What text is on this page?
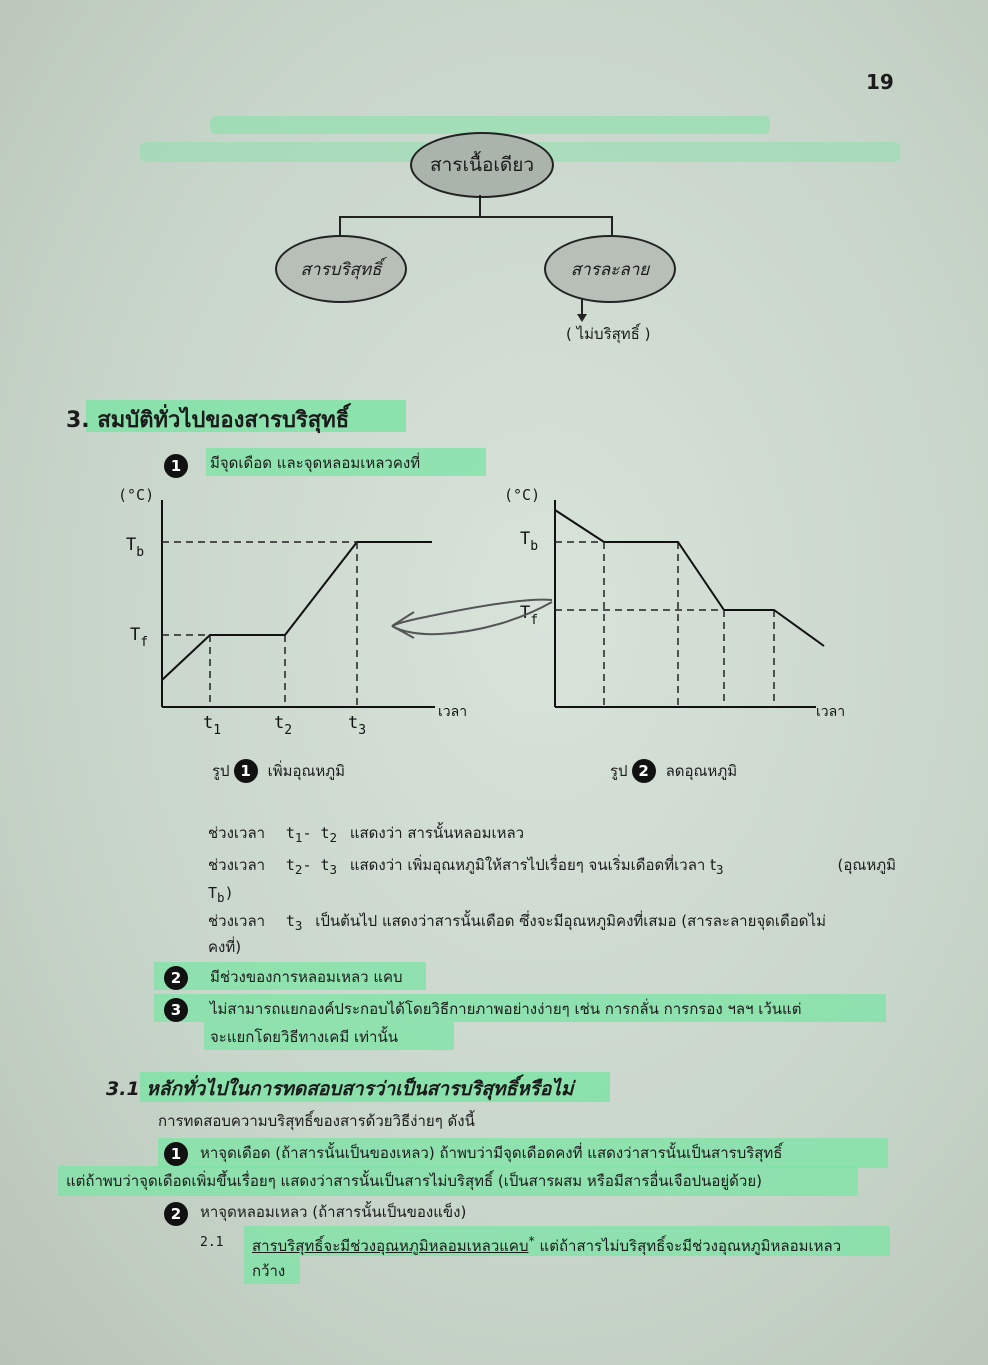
19
สารเนื้อเดียว
สารบริสุทธิ์	สารละลาย
( ไม่บริสุทธิ์ )
3. สมบัติทั่วไปของสารบริสุทธิ์
1	มีจุดเดือด และจุดหลอมเหลวคงที่
(°C)
$T_b$
$T_f$
$t_1$	$t_2$	$t_3$
เวลา
(°C)
$T_b$
$T_f$
เวลา
รูป 1	เพิ่มอุณหภูมิ	รูป 2	ลดอุณหภูมิ
ช่วงเวลา $t_1-$ $t_2$ แสดงว่า สารนั้นหลอมเหลว
ช่วงเวลา $t_2-$ $t_3$ แสดงว่า เพิ่มอุณหภูมิให้สารไปเรื่อยๆ จนเริ่มเดือดที่เวลา $t_3$	(อุณหภูมิ
$T_b$)
ช่วงเวลา $t_3$ เป็นต้นไป แสดงว่าสารนั้นเดือด ซึ่งจะมีอุณหภูมิคงที่เสมอ (สารละลายจุดเดือดไม่
คงที่)
2 มีช่วงของการหลอมเหลว แคบ
3	ไม่สามารถแยกองค์ประกอบได้โดยวิธีกายภาพอย่างง่ายๆ เช่น การกลั่น การกรอง ฯลฯ เว้นแต่
จะแยกโดยวิธีทางเคมี เท่านั้น
3.1 หลักทั่วไปในการทดสอบสารว่าเป็นสารบริสุทธิ์หรือไม่
การทดสอบความบริสุทธิ์ของสารด้วยวิธีง่ายๆ ดังนี้
1	หาจุดเดือด (ถ้าสารนั้นเป็นของเหลว) ถ้าพบว่ามีจุดเดือดคงที่ แสดงว่าสารนั้นเป็นสารบริสุทธิ์
แต่ถ้าพบว่าจุดเดือดเพิ่มขึ้นเรื่อยๆ แสดงว่าสารนั้นเป็นสารไม่บริสุทธิ์ (เป็นสารผสม หรือมีสารอื่นเจือปนอยู่ด้วย)
2	หาจุดหลอมเหลว (ถ้าสารนั้นเป็นของแข็ง)
2.1 สารบริสุทธิ์จะมีช่วงอุณหภูมิหลอมเหลวแคบ* แต่ถ้าสารไม่บริสุทธิ์จะมีช่วงอุณหภูมิหลอมเหลว
กว้าง
